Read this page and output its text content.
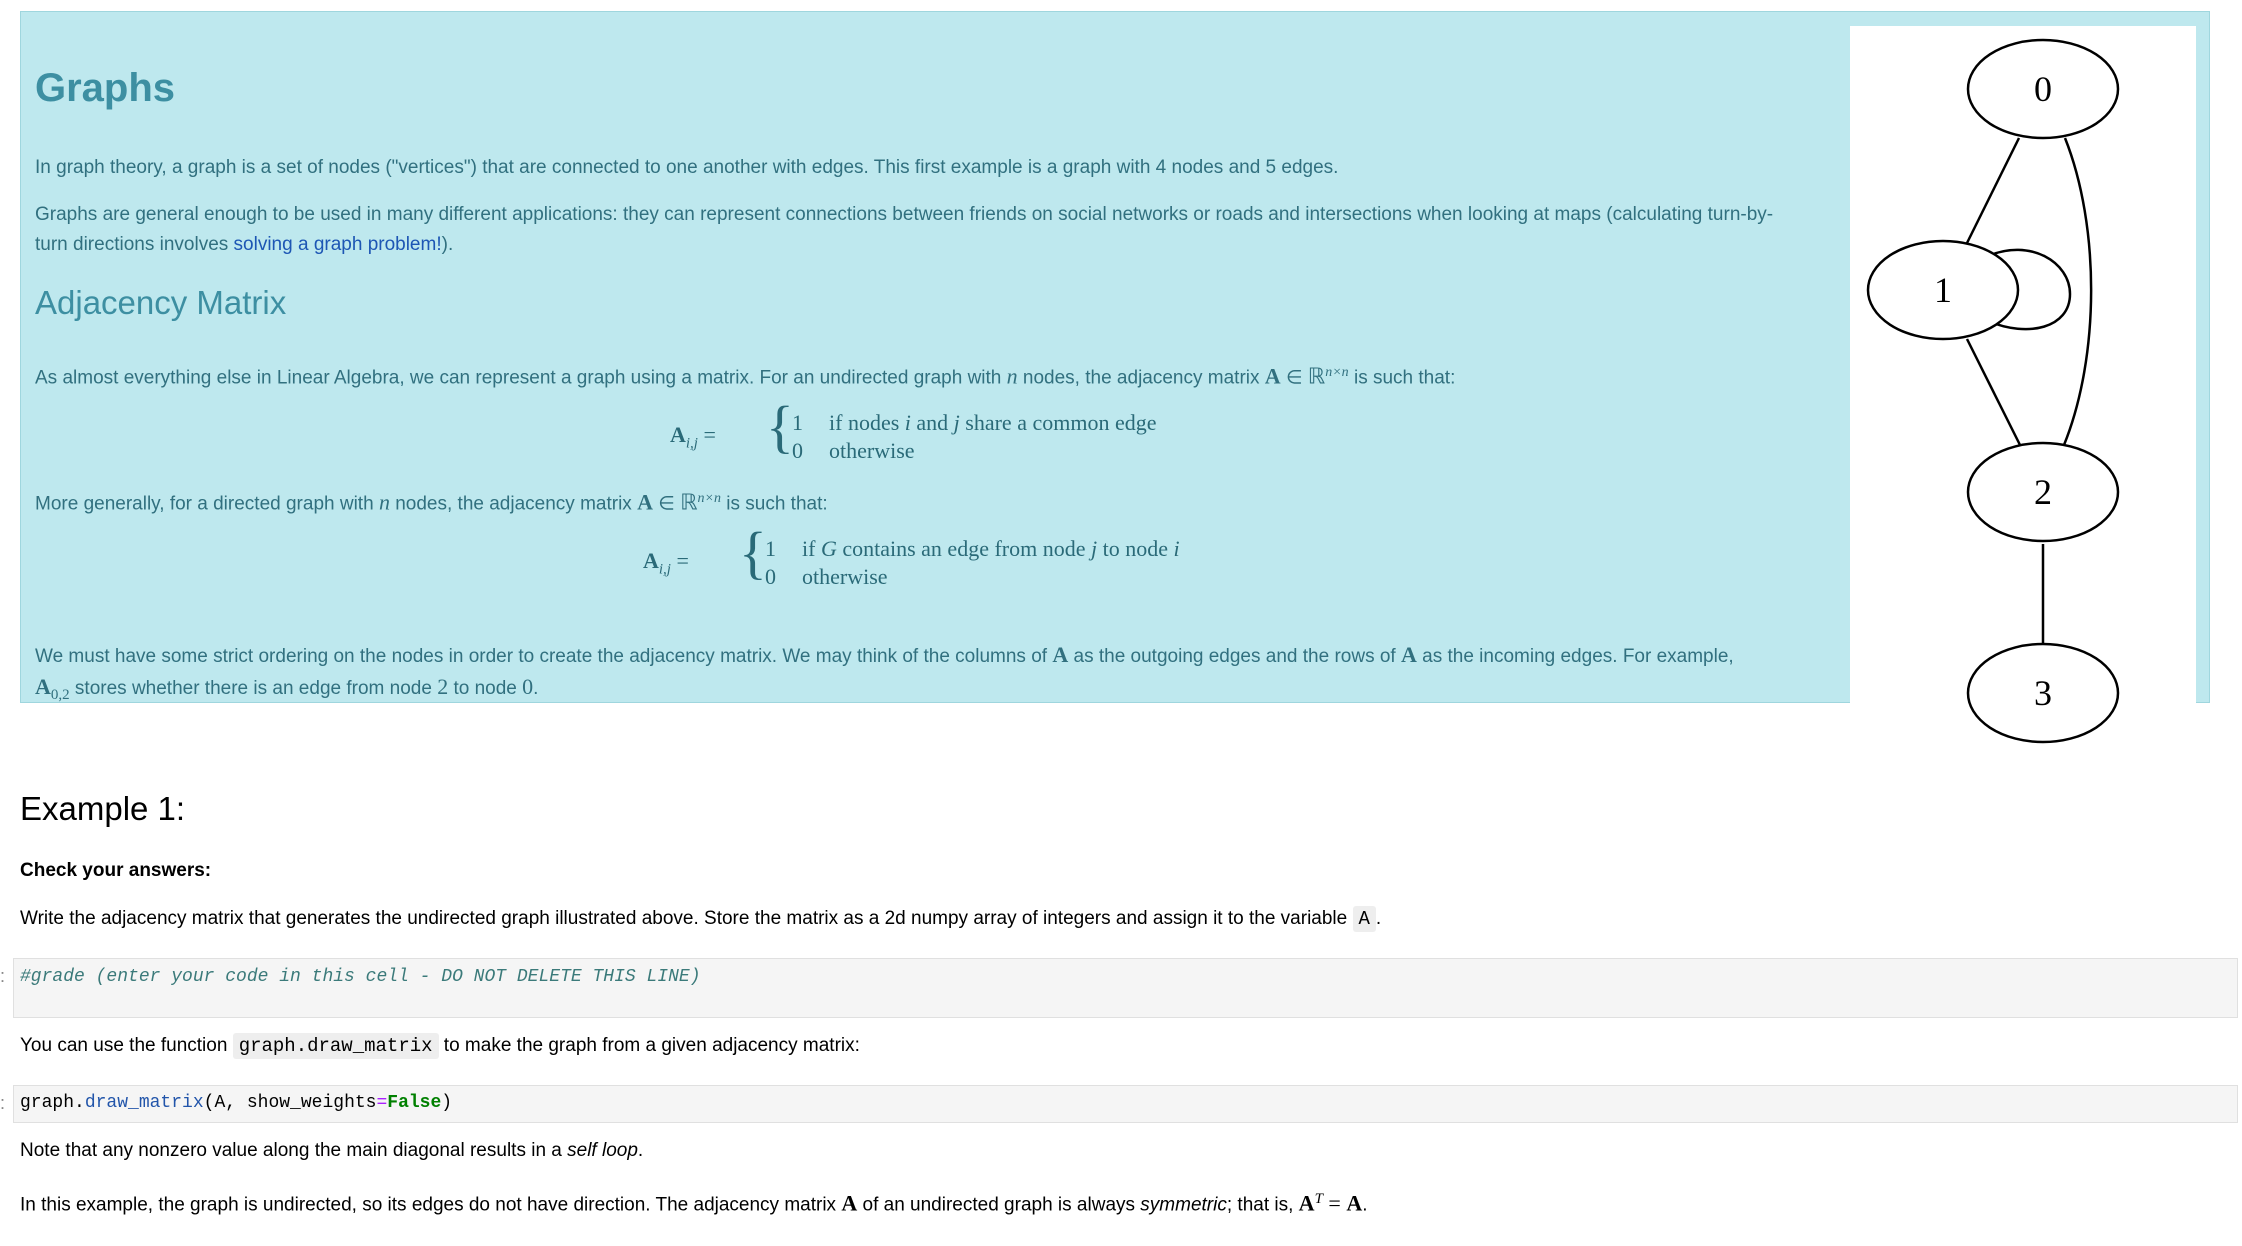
Graphs

In graph theory, a graph is a set of nodes ("vertices") that are connected to one another with edges. This first example is a graph with 4 nodes and 5 edges.

Graphs are general enough to be used in many different applications: they can represent connections between friends on social networks or roads and intersections when looking at maps (calculating turn-by-turn directions involves solving a graph problem!).

Adjacency Matrix

As almost everything else in Linear Algebra, we can represent a graph using a matrix. For an undirected graph with n nodes, the adjacency matrix A ∈ ℝ$^{n\times n}$ is such that:

$A_{i,j}$ = {
1 if nodes i and j share a common edge
0 otherwise

More generally, for a directed graph with n nodes, the adjacency matrix A ∈ ℝ$^{n\times n}$ is such that:

$A_{i,j}$ = {
1 if G contains an edge from node j to node i
0 otherwise

We must have some strict ordering on the nodes in order to create the adjacency matrix. We may think of the columns of A as the outgoing edges and the rows of A as the incoming edges. For example,
$A_{0,2}$ stores whether there is an edge from node 2 to node 0.

0
1
2
3
Example 1:

Check your answers:

Write the adjacency matrix that generates the undirected graph illustrated above. Store the matrix as a 2d numpy array of integers and assign it to the variable A .

: #grade (enter your code in this cell - DO NOT DELETE THIS LINE)

You can use the function graph.draw_matrix to make the graph from a given adjacency matrix:

: graph.draw_matrix(A, show_weights=False)

Note that any nonzero value along the main diagonal results in a self loop.

In this example, the graph is undirected, so its edges do not have direction. The adjacency matrix A of an undirected graph is always symmetric; that is, $A^T = A$.
